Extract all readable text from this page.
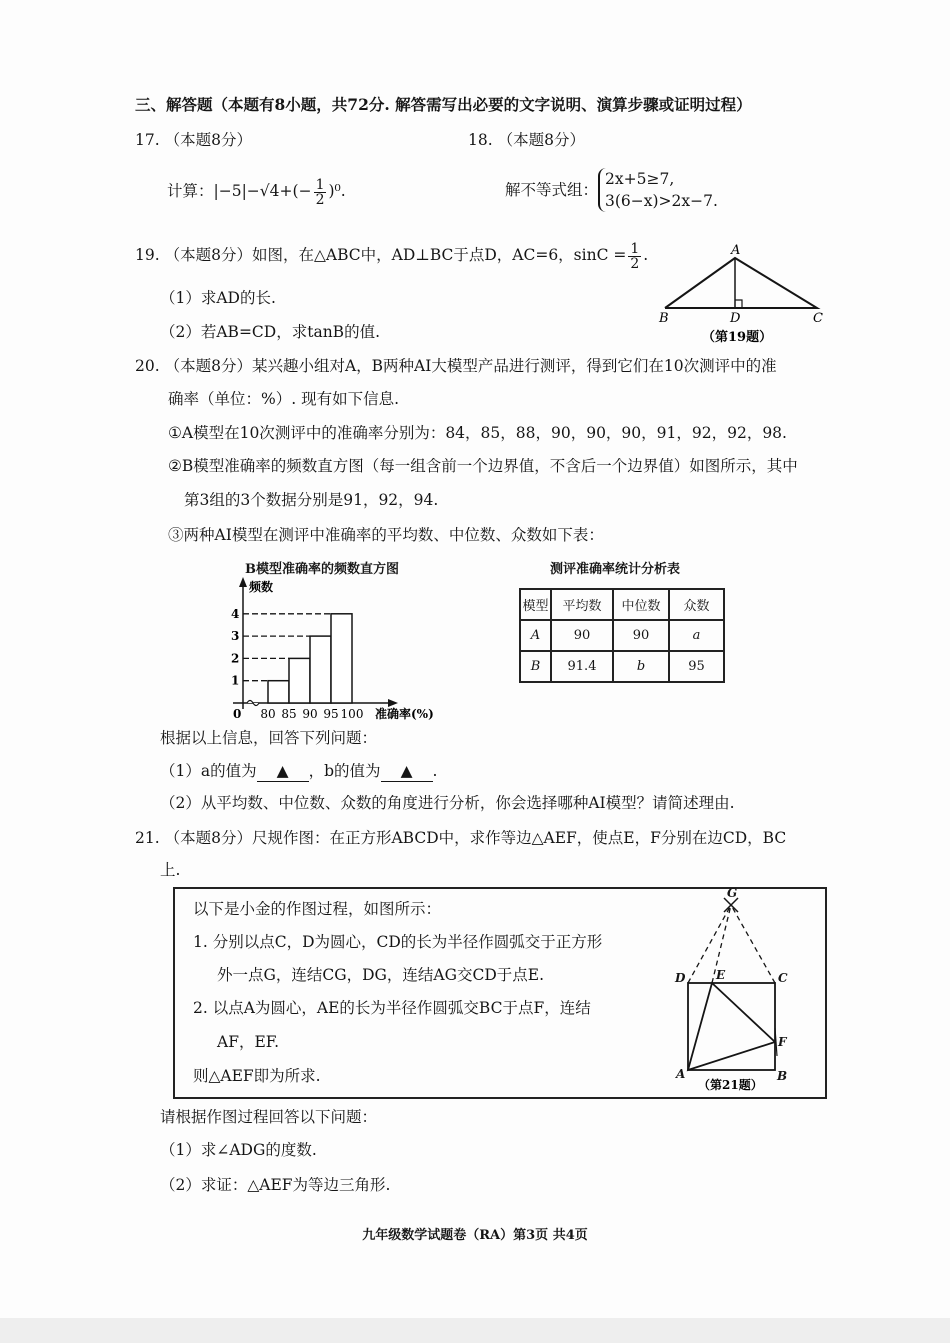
三、解答题（本题有8小题，共72分. 解答需写出必要的文字说明、演算步骤或证明过程）
17. （本题8分）	18. （本题8分）
计算：$|-5|-√4+(- \frac{1}{2} )^0$.	解不等式组：
2x+5≥7,
3(6−x)>2x−7.
19. （本题8分）如图，在△ABC中，AD⊥BC于点D，AC=6，$\sin C = \frac{1}{2}$ .
（1）求AD的长.
（2）若AB=CD，求tanB的值.
A
B	D	C
（第19题）
20. （本题8分）某兴趣小组对A，B两种AI大模型产品进行测评，得到它们在10次测评中的准
确率（单位：%）. 现有如下信息.
①A模型在10次测评中的准确率分别为：84，85，88，90，90，90，91，92，92，98.
②B模型准确率的频数直方图（每一组含前一个边界值，不含后一个边界值）如图所示，其中
第3组的3个数据分别是91，92，94.
③两种AI模型在测评中准确率的平均数、中位数、众数如下表：
B模型准确率的频数直方图
频数
0
1
2
3
4
80 85 90 95 100 准确率(%)
测评准确率统计分析表
模型	平均数	中位数	众数
A	90	90	a
B	91.4	b	95
根据以上信息，回答下列问题：
（1）a的值为 ▲ ，b的值为 ▲ .
（2）从平均数、中位数、众数的角度进行分析，你会选择哪种AI模型？请简述理由.
21. （本题8分）尺规作图：在正方形ABCD中，求作等边△AEF，使点E，F分别在边CD，BC
上.
以下是小金的作图过程，如图所示：
1. 分别以点C，D为圆心，CD的长为半径作圆弧交于正方形
外一点G，连结CG，DG，连结AG交CD于点E.
2. 以点A为圆心，AE的长为半径作圆弧交BC于点F，连结
AF，EF.
则△AEF即为所求.
G
D	E	C
F
A	B
（第21题）
请根据作图过程回答以下问题：
（1）求∠ADG的度数.
（2）求证：△AEF为等边三角形.
九年级数学试题卷（RA）第3页 共4页
